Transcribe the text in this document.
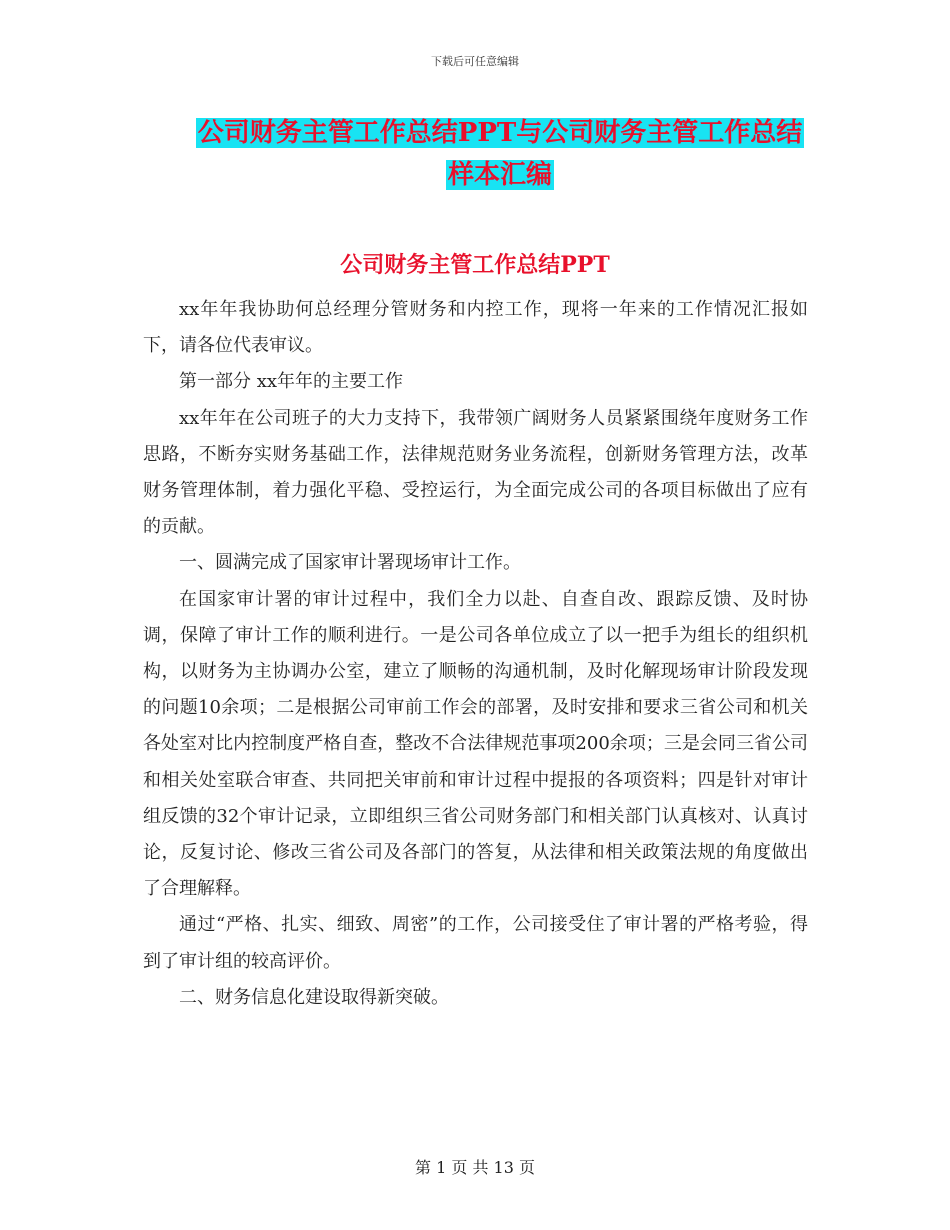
下载后可任意编辑
公司财务主管工作总结PPT与公司财务主管工作总结
样本汇编
公司财务主管工作总结PPT

xx年年我协助何总经理分管财务和内控工作，现将一年来的工作情况汇报如下，请各位代表审议。

第一部分 xx年年的主要工作

xx年年在公司班子的大力支持下，我带领广阔财务人员紧紧围绕年度财务工作思路，不断夯实财务基础工作，法律规范财务业务流程，创新财务管理方法，改革财务管理体制，着力强化平稳、受控运行，为全面完成公司的各项目标做出了应有的贡献。

一、圆满完成了国家审计署现场审计工作。

在国家审计署的审计过程中，我们全力以赴、自查自改、跟踪反馈、及时协调，保障了审计工作的顺利进行。一是公司各单位成立了以一把手为组长的组织机构，以财务为主协调办公室，建立了顺畅的沟通机制，及时化解现场审计阶段发现的问题10余项；二是根据公司审前工作会的部署，及时安排和要求三省公司和机关各处室对比内控制度严格自查，整改不合法律规范事项200余项；三是会同三省公司和相关处室联合审查、共同把关审前和审计过程中提报的各项资料；四是针对审计组反馈的32个审计记录，立即组织三省公司财务部门和相关部门认真核对、认真讨论，反复讨论、修改三省公司及各部门的答复，从法律和相关政策法规的角度做出了合理解释。

通过“严格、扎实、细致、周密”的工作，公司接受住了审计署的严格考验，得到了审计组的较高评价。

二、财务信息化建设取得新突破。

第 1 页 共 13 页
